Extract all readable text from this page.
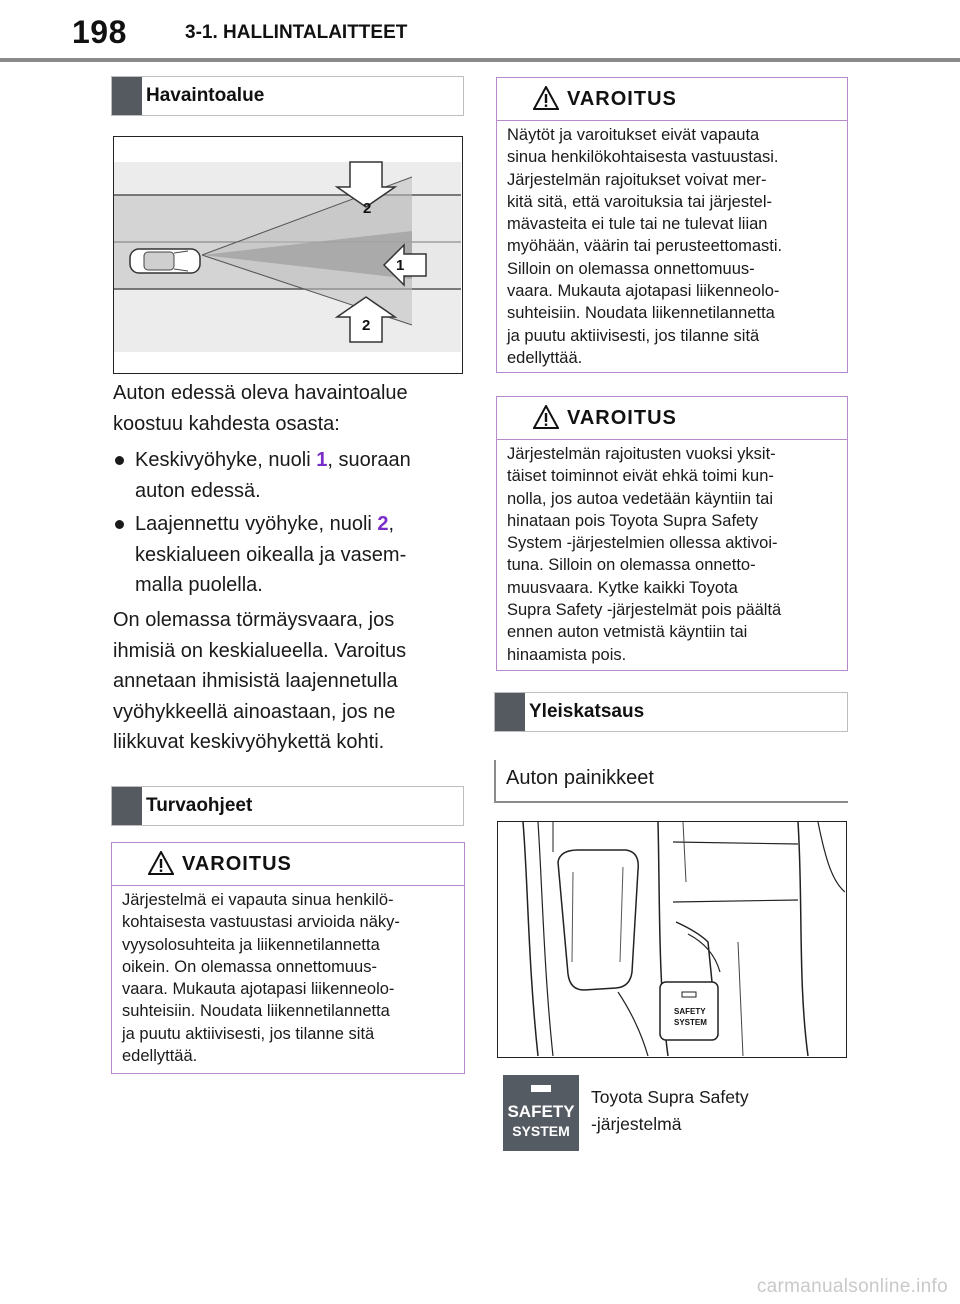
198	3-1. HALLINTALAITTEET
Havaintoalue
2
1
2
Auton edessä oleva havaintoalue
koostuu kahdesta osasta:
Keskivyöhyke, nuoli 1, suoraan
auton edessä.
Laajennettu vyöhyke, nuoli 2,
keskialueen oikealla ja vasem-
malla puolella.
On olemassa törmäysvaara, jos
ihmisiä on keskialueella. Varoitus
annetaan ihmisistä laajennetulla
vyöhykkeellä ainoastaan, jos ne
liikkuvat keskivyöhykettä kohti.
Turvaohjeet
VAROITUS
Järjestelmä ei vapauta sinua henkilö-
kohtaisesta vastuustasi arvioida näky-
vyysolosuhteita ja liikennetilannetta
oikein. On olemassa onnettomuus-
vaara. Mukauta ajotapasi liikenneolo-
suhteisiin. Noudata liikennetilannetta
ja puutu aktiivisesti, jos tilanne sitä
edellyttää.
VAROITUS
Näytöt ja varoitukset eivät vapauta
sinua henkilökohtaisesta vastuustasi.
Järjestelmän rajoitukset voivat mer-
kitä sitä, että varoituksia tai järjestel-
mävasteita ei tule tai ne tulevat liian
myöhään, väärin tai perusteettomasti.
Silloin on olemassa onnettomuus-
vaara. Mukauta ajotapasi liikenneolo-
suhteisiin. Noudata liikennetilannetta
ja puutu aktiivisesti, jos tilanne sitä
edellyttää.
VAROITUS
Järjestelmän rajoitusten vuoksi yksit-
täiset toiminnot eivät ehkä toimi kun-
nolla, jos autoa vedetään käyntiin tai
hinataan pois Toyota Supra Safety
System -järjestelmien ollessa aktivoi-
tuna. Silloin on olemassa onnetto-
muusvaara. Kytke kaikki Toyota
Supra Safety -järjestelmät pois päältä
ennen auton vetmistä käyntiin tai
hinaamista pois.
Yleiskatsaus
Auton painikkeet
SAFETY
SYSTEM
SAFETY
SYSTEM
Toyota Supra Safety
-järjestelmä
carmanualsonline.info
